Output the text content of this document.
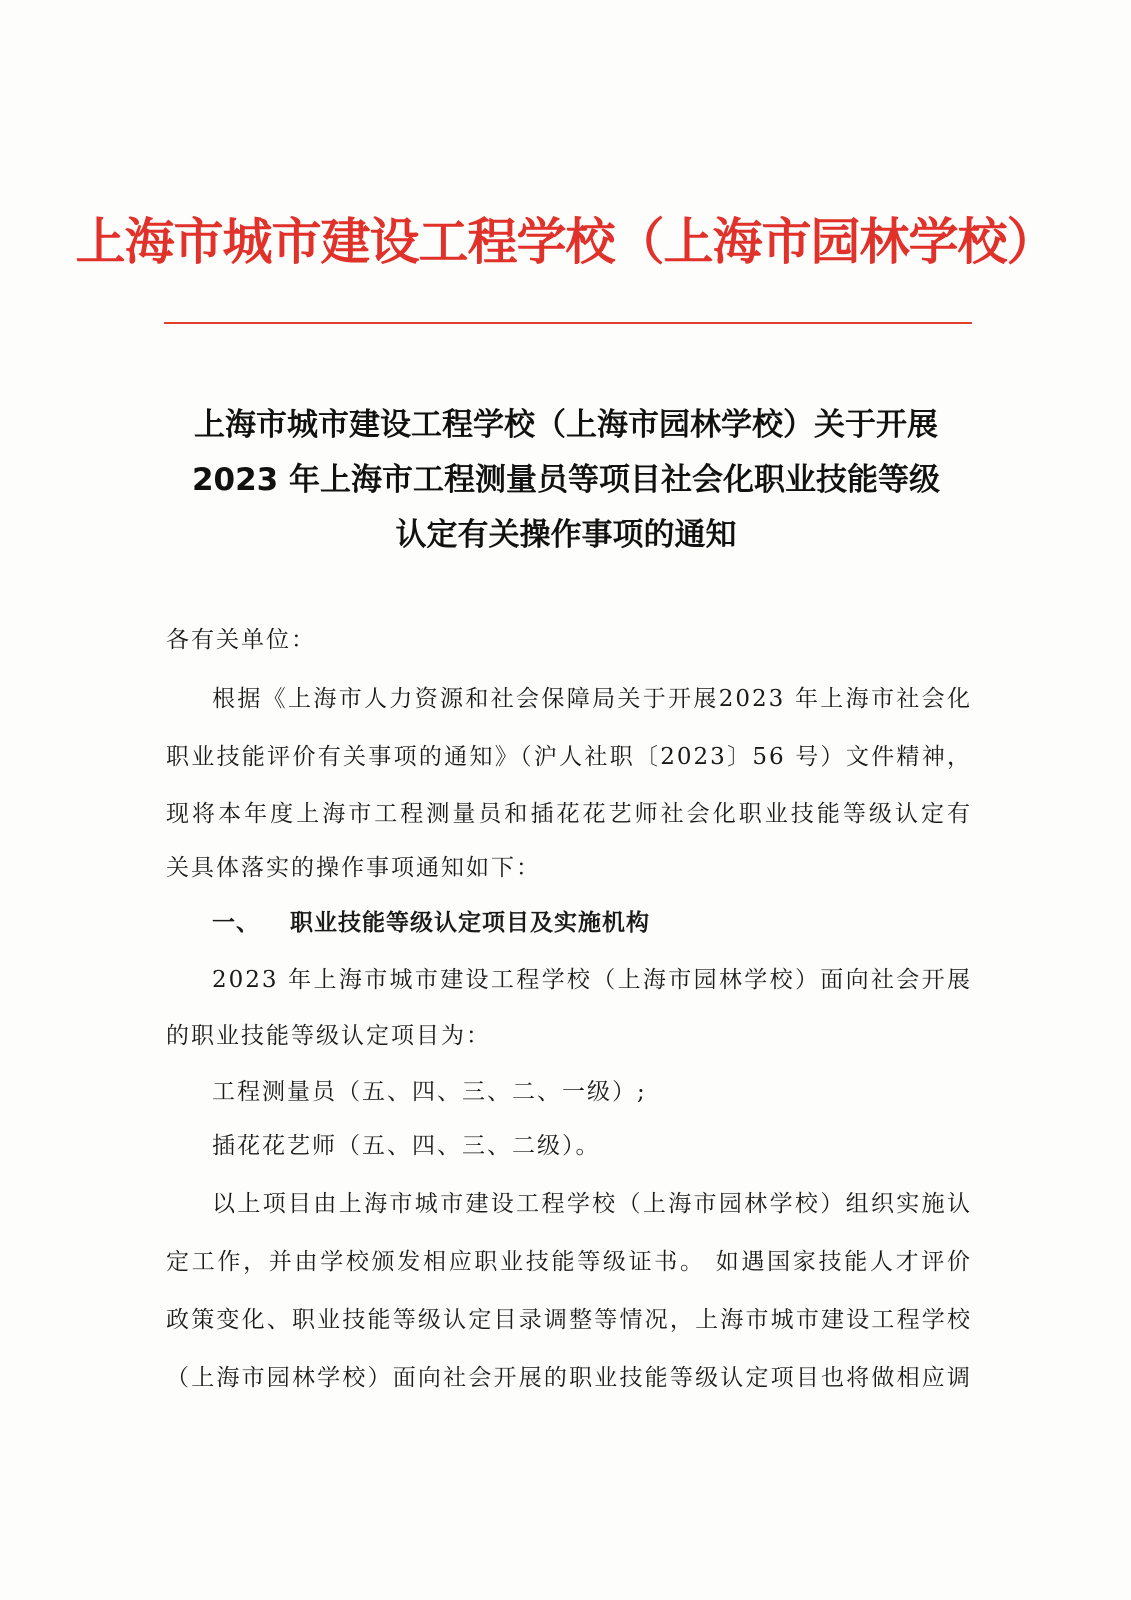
上海市城市建设工程学校（上海市园林学校）
上海市城市建设工程学校（上海市园林学校）关于开展
2023 年上海市工程测量员等项目社会化职业技能等级
认定有关操作事项的通知

各有关单位：

根据《上海市人力资源和社会保障局关于开展2023 年上海市社会化

职业技能评价有关事项的通知》（沪人社职〔2023〕56 号）文件精神，

现将本年度上海市工程测量员和插花花艺师社会化职业技能等级认定有

关具体落实的操作事项通知如下：

一、 职业技能等级认定项目及实施机构

2023 年上海市城市建设工程学校（上海市园林学校）面向社会开展

的职业技能等级认定项目为：

工程测量员（五、四、三、二、一级）;

插花花艺师（五、四、三、二级）。

以上项目由上海市城市建设工程学校（上海市园林学校）组织实施认

定工作，并由学校颁发相应职业技能等级证书。 如遇国家技能人才评价

政策变化、职业技能等级认定目录调整等情况，上海市城市建设工程学校

（上海市园林学校）面向社会开展的职业技能等级认定项目也将做相应调
